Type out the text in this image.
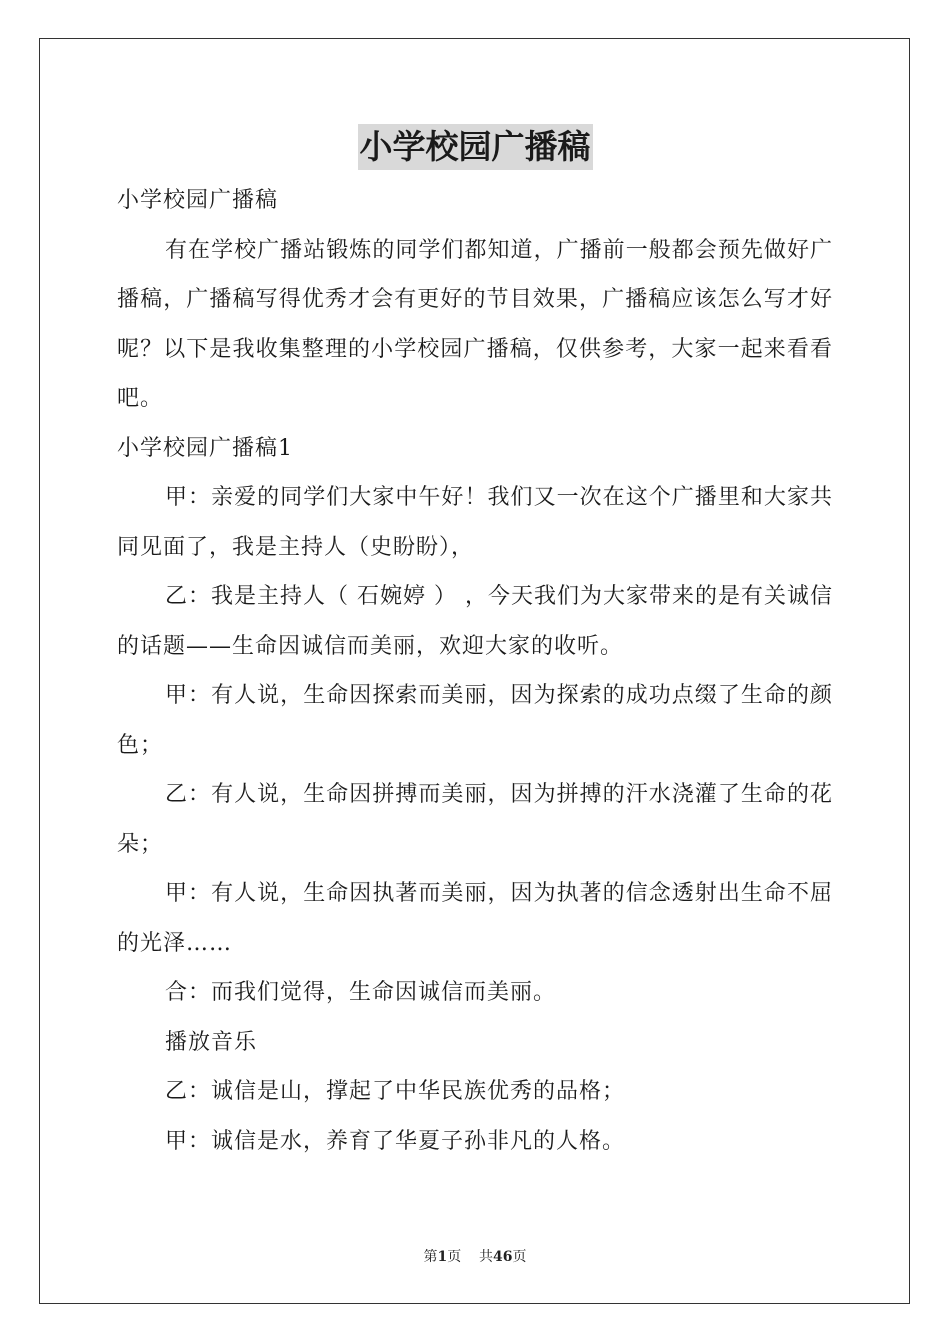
小学校园广播稿

小学校园广播稿

有在学校广播站锻炼的同学们都知道，广播前一般都会预先做好广播稿，广播稿写得优秀才会有更好的节目效果，广播稿应该怎么写才好呢？以下是我收集整理的小学校园广播稿，仅供参考，大家一起来看看吧。

小学校园广播稿1

甲：亲爱的同学们大家中午好！我们又一次在这个广播里和大家共同见面了，我是主持人（史盼盼），

乙：我是主持人（ 石婉婷 ） ，今天我们为大家带来的是有关诚信的话题——生命因诚信而美丽，欢迎大家的收听。

甲：有人说，生命因探索而美丽，因为探索的成功点缀了生命的颜色；

乙：有人说，生命因拼搏而美丽，因为拼搏的汗水浇灌了生命的花朵；

甲：有人说，生命因执著而美丽，因为执著的信念透射出生命不屈的光泽……

合：而我们觉得，生命因诚信而美丽。

播放音乐

乙：诚信是山，撑起了中华民族优秀的品格；

甲：诚信是水，养育了华夏子孙非凡的人格。

第1页 共46页
